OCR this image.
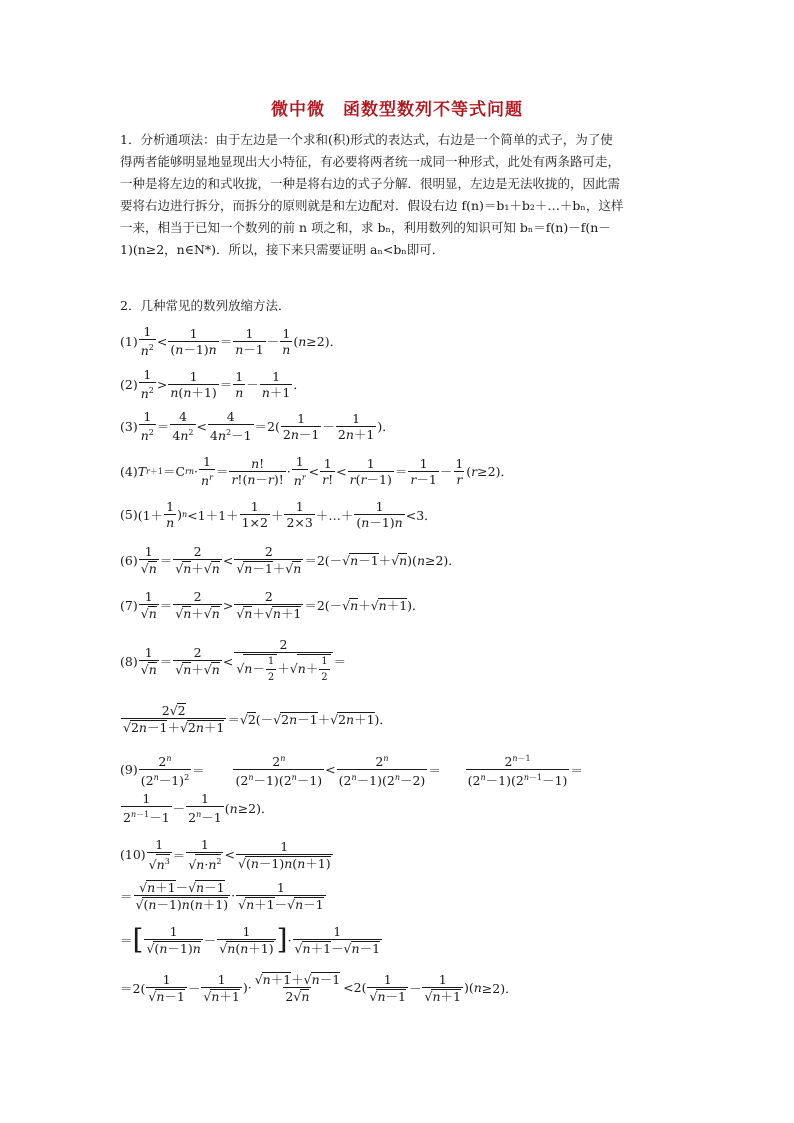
微中微　函数型数列不等式问题
1．分析通项法：由于左边是一个求和(积)形式的表达式，右边是一个简单的式子，为了使
得两者能够明显地显现出大小特征，有必要将两者统一成同一种形式，此处有两条路可走，
一种是将左边的和式收拢，一种是将右边的式子分解．很明显，左边是无法收拢的，因此需
要将右边进行拆分，而拆分的原则就是和左边配对．假设右边 f(n)＝b₁＋b₂＋…＋bₙ，这样
一来，相当于已知一个数列的前 n 项之和，求 bₙ，利用数列的知识可知 bₙ＝f(n)－f(n－
1)(n≥2，n∈N*)．所以，接下来只需要证明 aₙ<bₙ即可．
2．几种常见的数列放缩方法．
(1)
1
$n^2$ <
1
(n－1)n ＝
1
n－1 －
1
n
( n ≥2)．
(2)
1
$n^2$ >
1
n(n＋1) ＝
1
n －
1
n＋1 ．
(3)
1
$n^2$ ＝
4
$4n^2$ <
4
$4n^2-1$
＝2(
1
2n－1 －
1
2n＋1 )．
(4) T r＋1 ＝C r n ·
1
$n^r$ ＝
n!
r!(n－r)!
·
1
$n^r$ <
1
r!
<
1
r(r－1) ＝
1
r－1 －
1
r
( r ≥2)．
(5) (1＋
1
n
) n <1＋1＋
1
1×2 ＋
1
2×3 ＋…＋
1
(n－1)n <3．
(6)
1
√n
＝
2
√n＋√n
<
2
√n－1＋√n
＝2(－√ n－1 ＋√ n )( n ≥2)．
(7)
1
√n
＝
2
√n＋√n
>
2
√n＋√n＋1
＝2(－√ n ＋√ n＋1 )．
(8)
1
√n
＝
2
√n＋√n
<
2
$√n- \frac{1}{2} +√n+ \frac{1}{2}$ ＝
2√2
√2n－1＋√2n＋1
＝√ 2 (－√ 2n－1 ＋√ 2n＋1 )．
(9)
2$^n$
$(2^n-1)^2$ ＝
2$^n$
$(2^n-1)(2^n-1)$
<
$2^n$
$(2^n-1)(2^n-2)$
＝
$2^{n-1}$
$(2^n-1)(2^{n-1}-1)$
＝
1
$2^{n-1}-1$
－
1
$2^n-1$
( n ≥2)．
(10)
1
$√n^3$ ＝
1
$√n\cdot n^2$ <
1
√(n－1)n(n＋1)
＝
√n＋1－√n－1
√(n－1)n(n＋1)
·
1
√n＋1－√n－1
＝ [ 1
√(n－1)n
－
1
√n(n＋1) ] ·
1
√n＋1－√n－1
＝2(
1
√n－1
－
1
√n＋1
)·
√n＋1＋√n－1
2√n
<2(
1
√n－1
－
1
√n＋1
)( n ≥2)．
